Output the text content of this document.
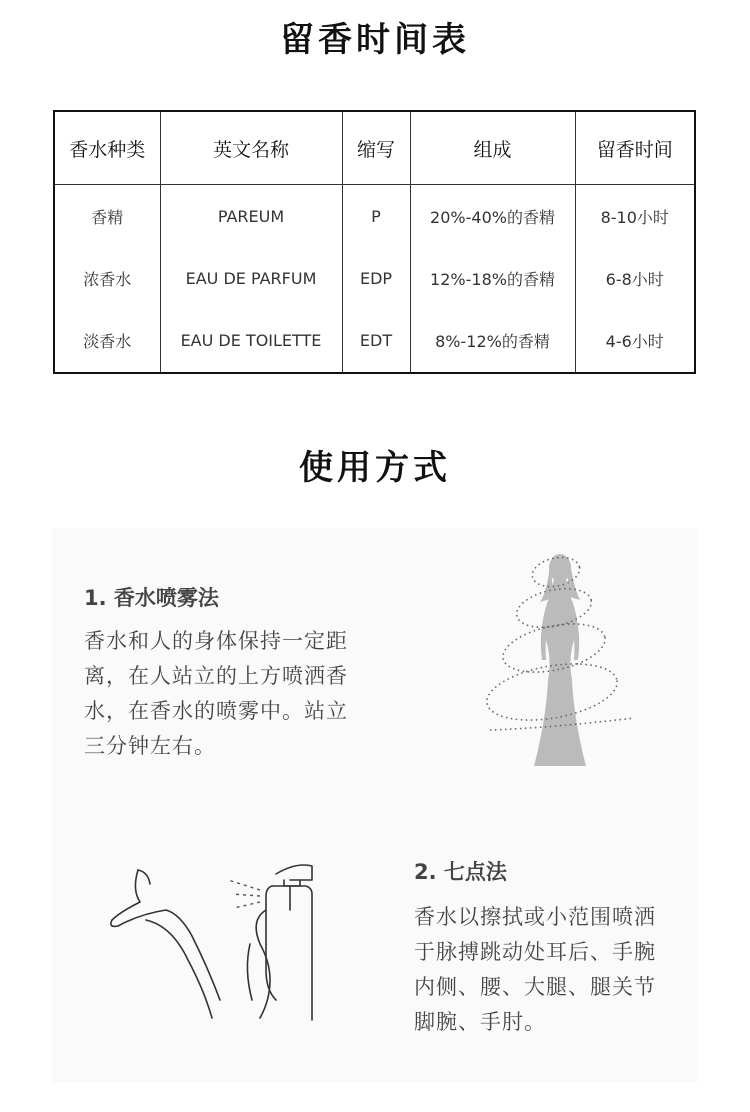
留香时间表
香水种类	英文名称	缩写	组成	留香时间
香精	PAREUM	P	20%-40%的香精	8-10小时
浓香水	EAU DE PARFUM	EDP	12%-18%的香精	6-8小时
淡香水	EAU DE TOILETTE	EDT	8%-12%的香精	4-6小时
使用方式
1. 香水喷雾法
香水和人的身体保持一定距
离，在人站立的上方喷洒香
水，在香水的喷雾中。站立
三分钟左右。
2. 七点法
香水以擦拭或小范围喷洒
于脉搏跳动处耳后、手腕
内侧、腰、大腿、腿关节
脚腕、手肘。
